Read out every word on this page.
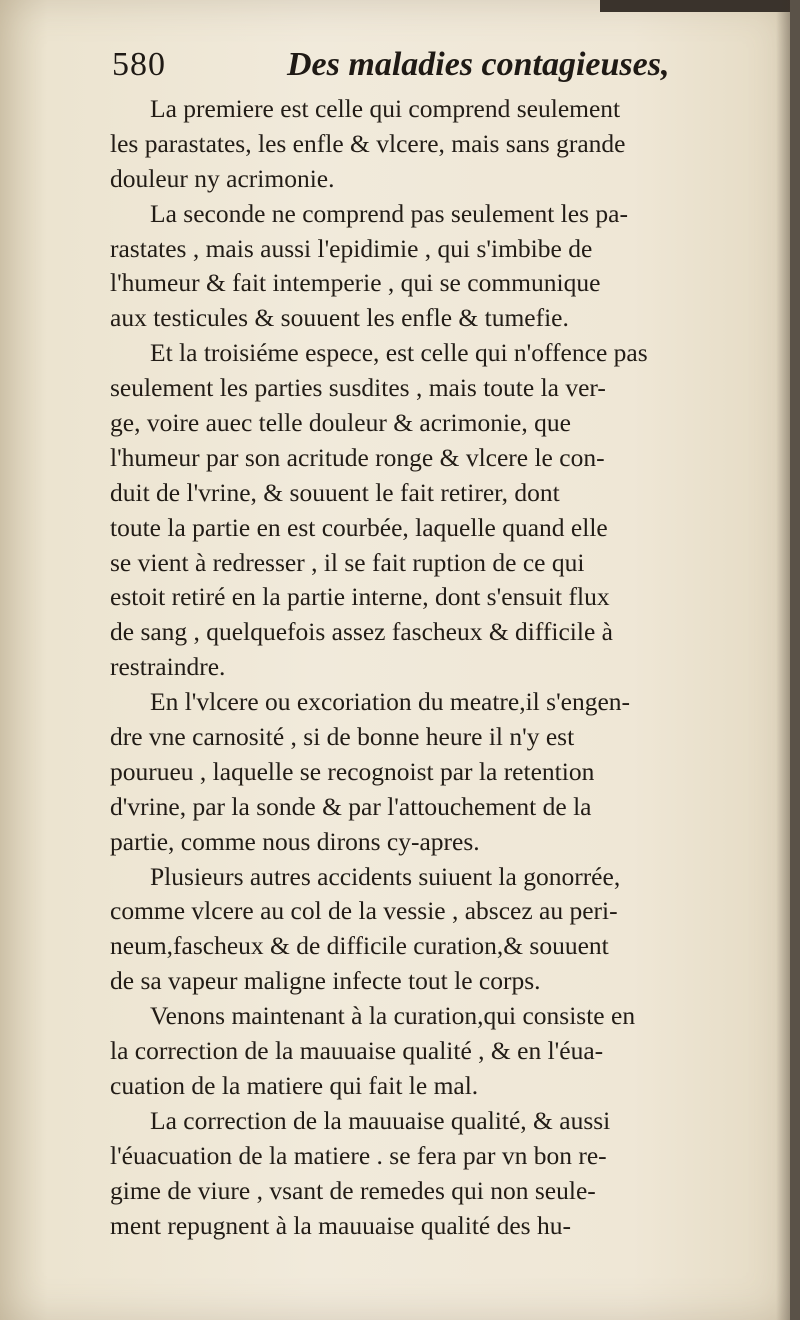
580	Des maladies contagieuses,
La premiere est celle qui comprend seulement
les parastates, les enfle & vlcere, mais sans grande
douleur ny acrimonie.
La seconde ne comprend pas seulement les pa-
rastates , mais aussi l'epidimie , qui s'imbibe de
l'humeur & fait intemperie , qui se communique
aux testicules & souuent les enfle & tumefie.
Et la troisiéme espece, est celle qui n'offence pas
seulement les parties susdites , mais toute la ver-
ge, voire auec telle douleur & acrimonie, que
l'humeur par son acritude ronge & vlcere le con-
duit de l'vrine, & souuent le fait retirer, dont
toute la partie en est courbée, laquelle quand elle
se vient à redresser , il se fait ruption de ce qui
estoit retiré en la partie interne, dont s'ensuit flux
de sang , quelquefois assez fascheux & difficile à
restraindre.
En l'vlcere ou excoriation du meatre,il s'engen-
dre vne carnosité , si de bonne heure il n'y est
pourueu , laquelle se recognoist par la retention
d'vrine, par la sonde & par l'attouchement de la
partie, comme nous dirons cy-apres.
Plusieurs autres accidents suiuent la gonorrée,
comme vlcere au col de la vessie , abscez au peri-
neum,fascheux & de difficile curation,& souuent
de sa vapeur maligne infecte tout le corps.
Venons maintenant à la curation,qui consiste en
la correction de la mauuaise qualité , & en l'éua-
cuation de la matiere qui fait le mal.
La correction de la mauuaise qualité, & aussi
l'éuacuation de la matiere . se fera par vn bon re-
gime de viure , vsant de remedes qui non seule-
ment repugnent à la mauuaise qualité des hu-
